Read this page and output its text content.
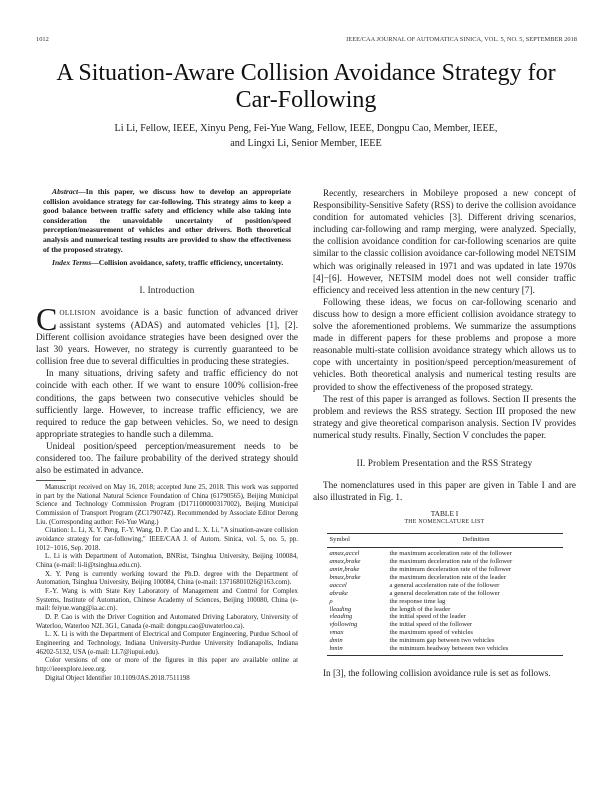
1012	IEEE/CAA JOURNAL OF AUTOMATICA SINICA, VOL. 5, NO. 5, SEPTEMBER 2018
A Situation-Aware Collision Avoidance Strategy for Car-Following
Li Li, Fellow, IEEE, Xinyu Peng, Fei-Yue Wang, Fellow, IEEE, Dongpu Cao, Member, IEEE,
and Lingxi Li, Senior Member, IEEE

Abstract—In this paper, we discuss how to develop an appropriate collision avoidance strategy for car-following. This strategy aims to keep a good balance between traffic safety and efficiency while also taking into consideration the unavoidable uncertainty of position/speed perception/measurement of vehicles and other drivers. Both theoretical analysis and numerical testing results are provided to show the effectiveness of the proposed strategy.

Index Terms—Collision avoidance, safety, traffic efficiency, uncertainty.

I. Introduction

COLLISION avoidance is a basic function of advanced driver assistant systems (ADAS) and automated vehicles [1], [2]. Different collision avoidance strategies have been designed over the last 30 years. However, no strategy is currently guaranteed to be collision free due to several difficulties in producing these strategies.

In many situations, driving safety and traffic efficiency do not coincide with each other. If we want to ensure 100% collision-free conditions, the gaps between two consecutive vehicles should be sufficiently large. However, to increase traffic efficiency, we are required to reduce the gap between vehicles. So, we need to design appropriate strategies to handle such a dilemma.

Unideal position/speed perception/measurement needs to be considered too. The failure probability of the derived strategy should also be estimated in advance.

Manuscript received on May 16, 2018; accepted June 25, 2018. This work was supported in part by the National Natural Science Foundation of China (61790565), Beijing Municipal Science and Technology Commission Program (D171100000317002), Beijing Municipal Commission of Transport Program (ZC179074Z). Recommended by Associate Editor Derong Liu. (Corresponding author: Fei-Yue Wang.)

Citation: L. Li, X. Y. Peng, F.-Y. Wang, D. P. Cao and L. X. Li, "A situation-aware collision avoidance strategy for car-following," IEEE/CAA J. of Autom. Sinica, vol. 5, no. 5, pp. 1012−1016, Sep. 2018.

L. Li is with Department of Automation, BNRist, Tsinghua University, Beijing 100084, China (e-mail: li-li@tsinghua.edu.cn).

X. Y. Peng is currently working toward the Ph.D. degree with the Department of Automation, Tsinghua University, Beijing 100084, China (e-mail: 13716801026@163.com).

F.-Y. Wang is with State Key Laboratory of Management and Control for Complex Systems, Institute of Automation, Chinese Academy of Sciences, Beijing 100080, China (e-mail: feiyue.wang@ia.ac.cn).

D. P. Cao is with the Driver Cognition and Automated Driving Laboratory, University of Waterloo, Waterloo N2L 3G1, Canada (e-mail: dongpu.cao@uwaterloo.ca).

L. X. Li is with the Department of Electrical and Computer Engineering, Purdue School of Engineering and Technology, Indiana University-Purdue University Indianapolis, Indiana 46202-5132, USA (e-mail: LL7@iupui.edu).

Color versions of one or more of the figures in this paper are available online at http://ieeexplore.ieee.org.

Digital Object Identifier 10.1109/JAS.2018.7511198

Recently, researchers in Mobileye proposed a new concept of Responsibility-Sensitive Safety (RSS) to derive the collision avoidance condition for automated vehicles [3]. Different driving scenarios, including car-following and ramp merging, were analyzed. Specially, the collision avoidance condition for car-following scenarios are quite similar to the classic collision avoidance car-following model NETSIM which was originally released in 1971 and was updated in late 1970s [4]−[6]. However, NETSIM model does not well consider traffic efficiency and received less attention in the new century [7].

Following these ideas, we focus on car-following scenario and discuss how to design a more efficient collision avoidance strategy to solve the aforementioned problems. We summarize the assumptions made in different papers for these problems and propose a more reasonable multi-state collision avoidance strategy which allows us to cope with uncertainty in position/speed perception/measurement of vehicles. Both theoretical analysis and numerical testing results are provided to show the effectiveness of the proposed strategy.

The rest of this paper is arranged as follows. Section II presents the problem and reviews the RSS strategy. Section III proposed the new strategy and give theoretical comparison analysis. Section IV provides numerical study results. Finally, Section V concludes the paper.

II. Problem Presentation and the RSS Strategy

The nomenclatures used in this paper are given in Table I and are also illustrated in Fig. 1.

TABLE I
THE NOMENCLATURE LIST
Symbol	Definition
amax,accel	the maximum acceleration rate of the follower
amax,brake	the maximum deceleration rate of the follower
amin,brake	the minimum deceleration rate of the follower
bmax,brake	the maximum deceleration rate of the leader
aaccel	a general acceleration rate of the follower
abrake	a general deceleration rate of the follower
ρ	the response time lag
lleading	the length of the leader
vleading	the initial speed of the leader
vfollowing	the initial speed of the follower
vmax	the maximum speed of vehicles
dmin	the minimum gap between two vehicles
hmin	the minimum headway between two vehicles

In [3], the following collision avoidance rule is set as follows.
